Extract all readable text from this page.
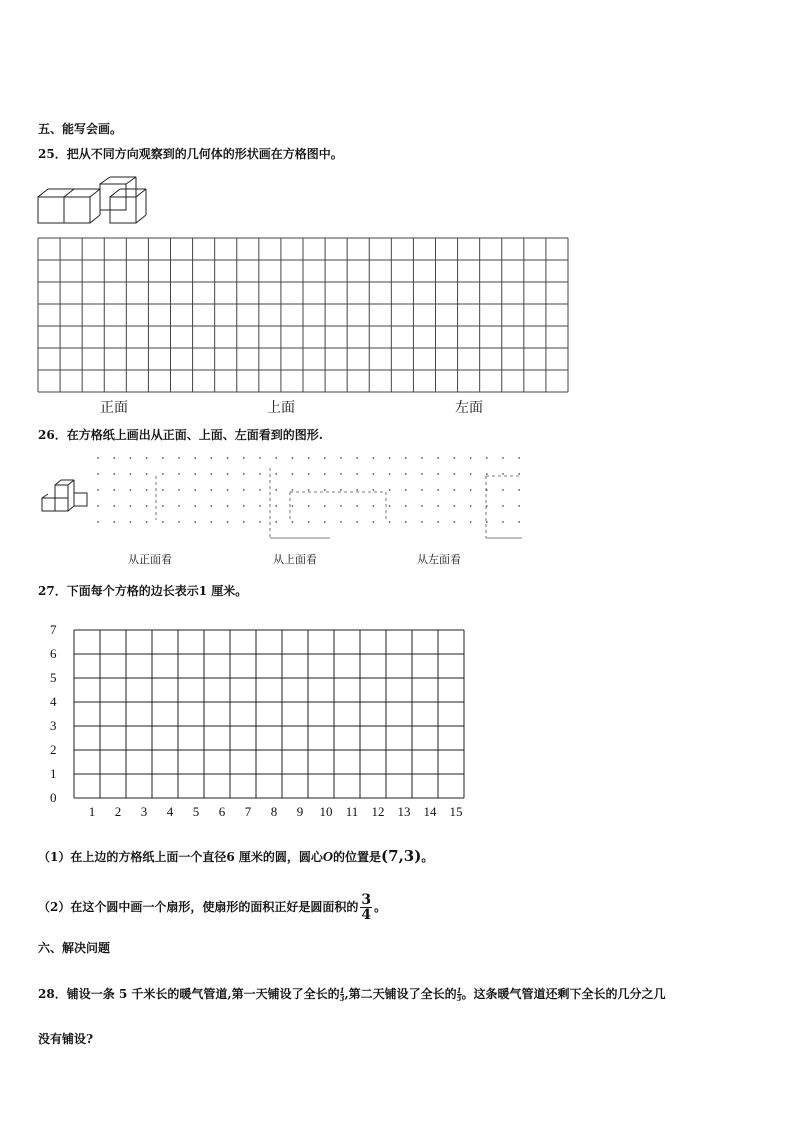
五、能写会画。
25．把从不同方向观察到的几何体的形状画在方格图中。
正面	上面	左面
26．在方格纸上画出从正面、上面、左面看到的图形.
从正面看	从上面看	从左面看
27．下面每个方格的边长表示1 厘米。
7
6
5
4
3
2
1
0
1 2 3 4 5 6 7 8 9 10 11 12 13 14 15
（1）在上边的方格纸上面一个直径6 厘米的圆，圆心O的位置是(7,3)。
（2）在这个圆中画一个扇形，使扇形的面积正好是圆面积的 $\frac{3}{4}$ 。
六、解决问题
28．铺设一条 5 千米长的暖气管道,第一天铺设了全长的 $\frac{1}{3}$,第二天铺设了全长的 $\frac{1}{5}$。这条暖气管道还剩下全长的几分之几
没有铺设?
